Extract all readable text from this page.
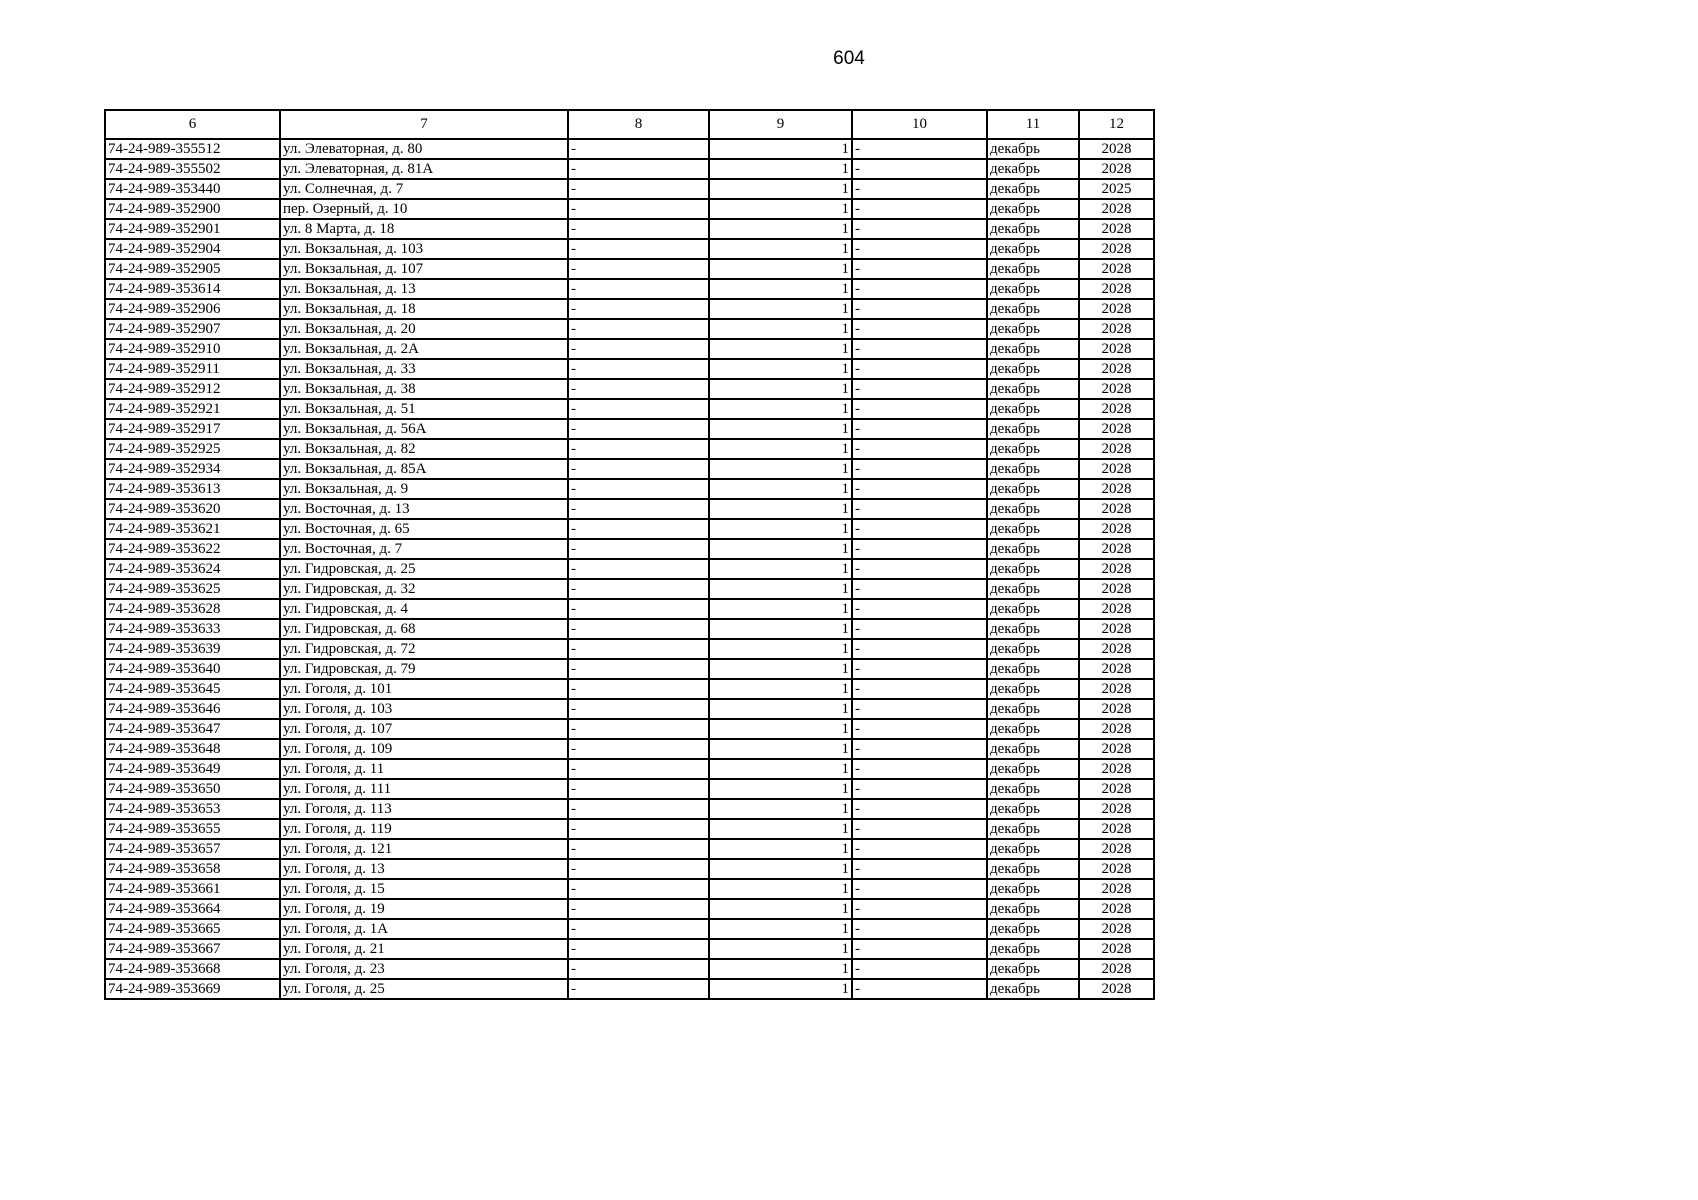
604
6	7	8	9	10	11	12
74-24-989-355512	ул. Элеваторная, д. 80	-	1	-	декабрь	2028
74-24-989-355502	ул. Элеваторная, д. 81А	-	1	-	декабрь	2028
74-24-989-353440	ул. Солнечная, д. 7	-	1	-	декабрь	2025
74-24-989-352900	пер. Озерный, д. 10	-	1	-	декабрь	2028
74-24-989-352901	ул. 8 Марта, д. 18	-	1	-	декабрь	2028
74-24-989-352904	ул. Вокзальная, д. 103	-	1	-	декабрь	2028
74-24-989-352905	ул. Вокзальная, д. 107	-	1	-	декабрь	2028
74-24-989-353614	ул. Вокзальная, д. 13	-	1	-	декабрь	2028
74-24-989-352906	ул. Вокзальная, д. 18	-	1	-	декабрь	2028
74-24-989-352907	ул. Вокзальная, д. 20	-	1	-	декабрь	2028
74-24-989-352910	ул. Вокзальная, д. 2А	-	1	-	декабрь	2028
74-24-989-352911	ул. Вокзальная, д. 33	-	1	-	декабрь	2028
74-24-989-352912	ул. Вокзальная, д. 38	-	1	-	декабрь	2028
74-24-989-352921	ул. Вокзальная, д. 51	-	1	-	декабрь	2028
74-24-989-352917	ул. Вокзальная, д. 56А	-	1	-	декабрь	2028
74-24-989-352925	ул. Вокзальная, д. 82	-	1	-	декабрь	2028
74-24-989-352934	ул. Вокзальная, д. 85А	-	1	-	декабрь	2028
74-24-989-353613	ул. Вокзальная, д. 9	-	1	-	декабрь	2028
74-24-989-353620	ул. Восточная, д. 13	-	1	-	декабрь	2028
74-24-989-353621	ул. Восточная, д. 65	-	1	-	декабрь	2028
74-24-989-353622	ул. Восточная, д. 7	-	1	-	декабрь	2028
74-24-989-353624	ул. Гидровская, д. 25	-	1	-	декабрь	2028
74-24-989-353625	ул. Гидровская, д. 32	-	1	-	декабрь	2028
74-24-989-353628	ул. Гидровская, д. 4	-	1	-	декабрь	2028
74-24-989-353633	ул. Гидровская, д. 68	-	1	-	декабрь	2028
74-24-989-353639	ул. Гидровская, д. 72	-	1	-	декабрь	2028
74-24-989-353640	ул. Гидровская, д. 79	-	1	-	декабрь	2028
74-24-989-353645	ул. Гоголя, д. 101	-	1	-	декабрь	2028
74-24-989-353646	ул. Гоголя, д. 103	-	1	-	декабрь	2028
74-24-989-353647	ул. Гоголя, д. 107	-	1	-	декабрь	2028
74-24-989-353648	ул. Гоголя, д. 109	-	1	-	декабрь	2028
74-24-989-353649	ул. Гоголя, д. 11	-	1	-	декабрь	2028
74-24-989-353650	ул. Гоголя, д. 111	-	1	-	декабрь	2028
74-24-989-353653	ул. Гоголя, д. 113	-	1	-	декабрь	2028
74-24-989-353655	ул. Гоголя, д. 119	-	1	-	декабрь	2028
74-24-989-353657	ул. Гоголя, д. 121	-	1	-	декабрь	2028
74-24-989-353658	ул. Гоголя, д. 13	-	1	-	декабрь	2028
74-24-989-353661	ул. Гоголя, д. 15	-	1	-	декабрь	2028
74-24-989-353664	ул. Гоголя, д. 19	-	1	-	декабрь	2028
74-24-989-353665	ул. Гоголя, д. 1А	-	1	-	декабрь	2028
74-24-989-353667	ул. Гоголя, д. 21	-	1	-	декабрь	2028
74-24-989-353668	ул. Гоголя, д. 23	-	1	-	декабрь	2028
74-24-989-353669	ул. Гоголя, д. 25	-	1	-	декабрь	2028
